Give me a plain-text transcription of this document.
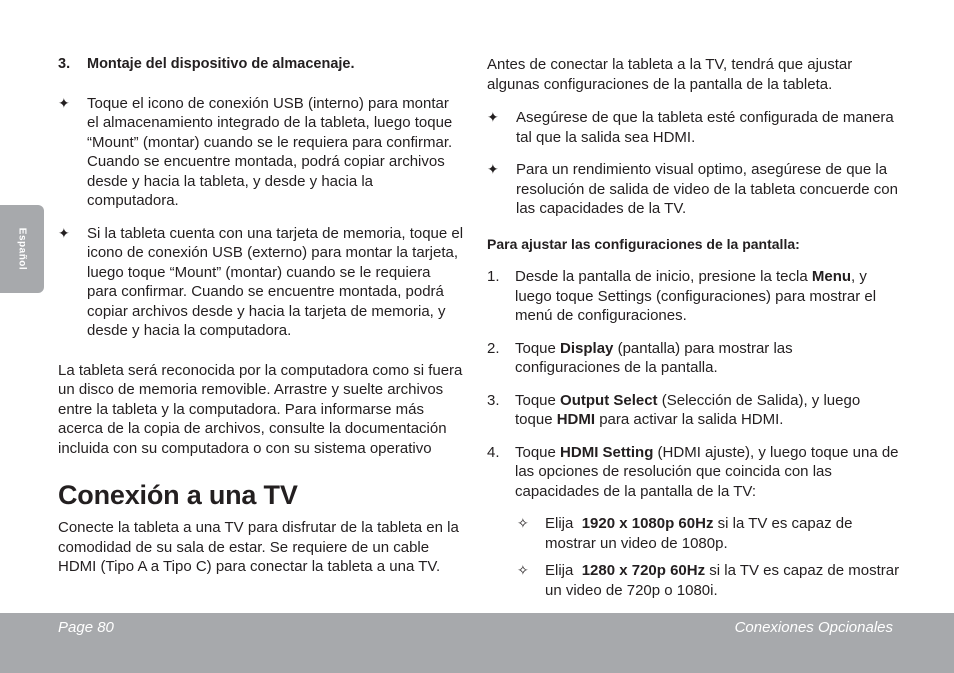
Español

3. Montaje del dispositivo de almacenaje.

✦ Toque el icono de conexión USB (interno) para montar el almacenamiento integrado de la tableta, luego toque “Mount” (montar) cuando se le requiera para confirmar. Cuando se encuentre montada, podrá copiar archivos desde y hacia la tableta, y desde y hacia la computadora.

✦ Si la tableta cuenta con una tarjeta de memoria, toque el icono de conexión USB (externo) para montar la tarjeta, luego toque “Mount” (montar) cuando se le requiera para confirmar. Cuando se encuentre montada, podrá copiar archivos desde y hacia la tarjeta de memoria, y desde y hacia la computadora.

La tableta será reconocida por la computadora como si fuera un disco de memoria removible. Arrastre y suelte archivos entre la tableta y la computadora. Para informarse más acerca de la copia de archivos, consulte la documentación incluida con su computadora o con su sistema operativo

Conexión a una TV

Conecte la tableta a una TV para disfrutar de la tableta en la comodidad de su sala de estar. Se requiere de un cable HDMI (Tipo A a Tipo C) para conectar la tableta a una TV.

Antes de conectar la tableta a la TV, tendrá que ajustar algunas configuraciones de la pantalla de la tableta.

✦ Asegúrese de que la tableta esté configurada de manera tal que la salida sea HDMI.

✦ Para un rendimiento visual optimo, asegúrese de que la resolución de salida de video de la tableta concuerde con las capacidades de la TV.

Para ajustar las configuraciones de la pantalla:

1. Desde la pantalla de inicio, presione la tecla Menu, y luego toque Settings (configuraciones) para mostrar el menú de configuraciones.

2. Toque Display (pantalla) para mostrar las configuraciones de la pantalla.

3. Toque Output Select (Selección de Salida), y luego toque HDMI para activar la salida HDMI.

4. Toque HDMI Setting (HDMI ajuste), y luego toque una de las opciones de resolución que coincida con las capacidades de la pantalla de la TV:

✧ Elija  1920 x 1080p 60Hz si la TV es capaz de mostrar un video de 1080p.

✧ Elija  1280 x 720p 60Hz si la TV es capaz de mostrar un video de 720p o 1080i.

Page 80	Conexiones Opcionales
